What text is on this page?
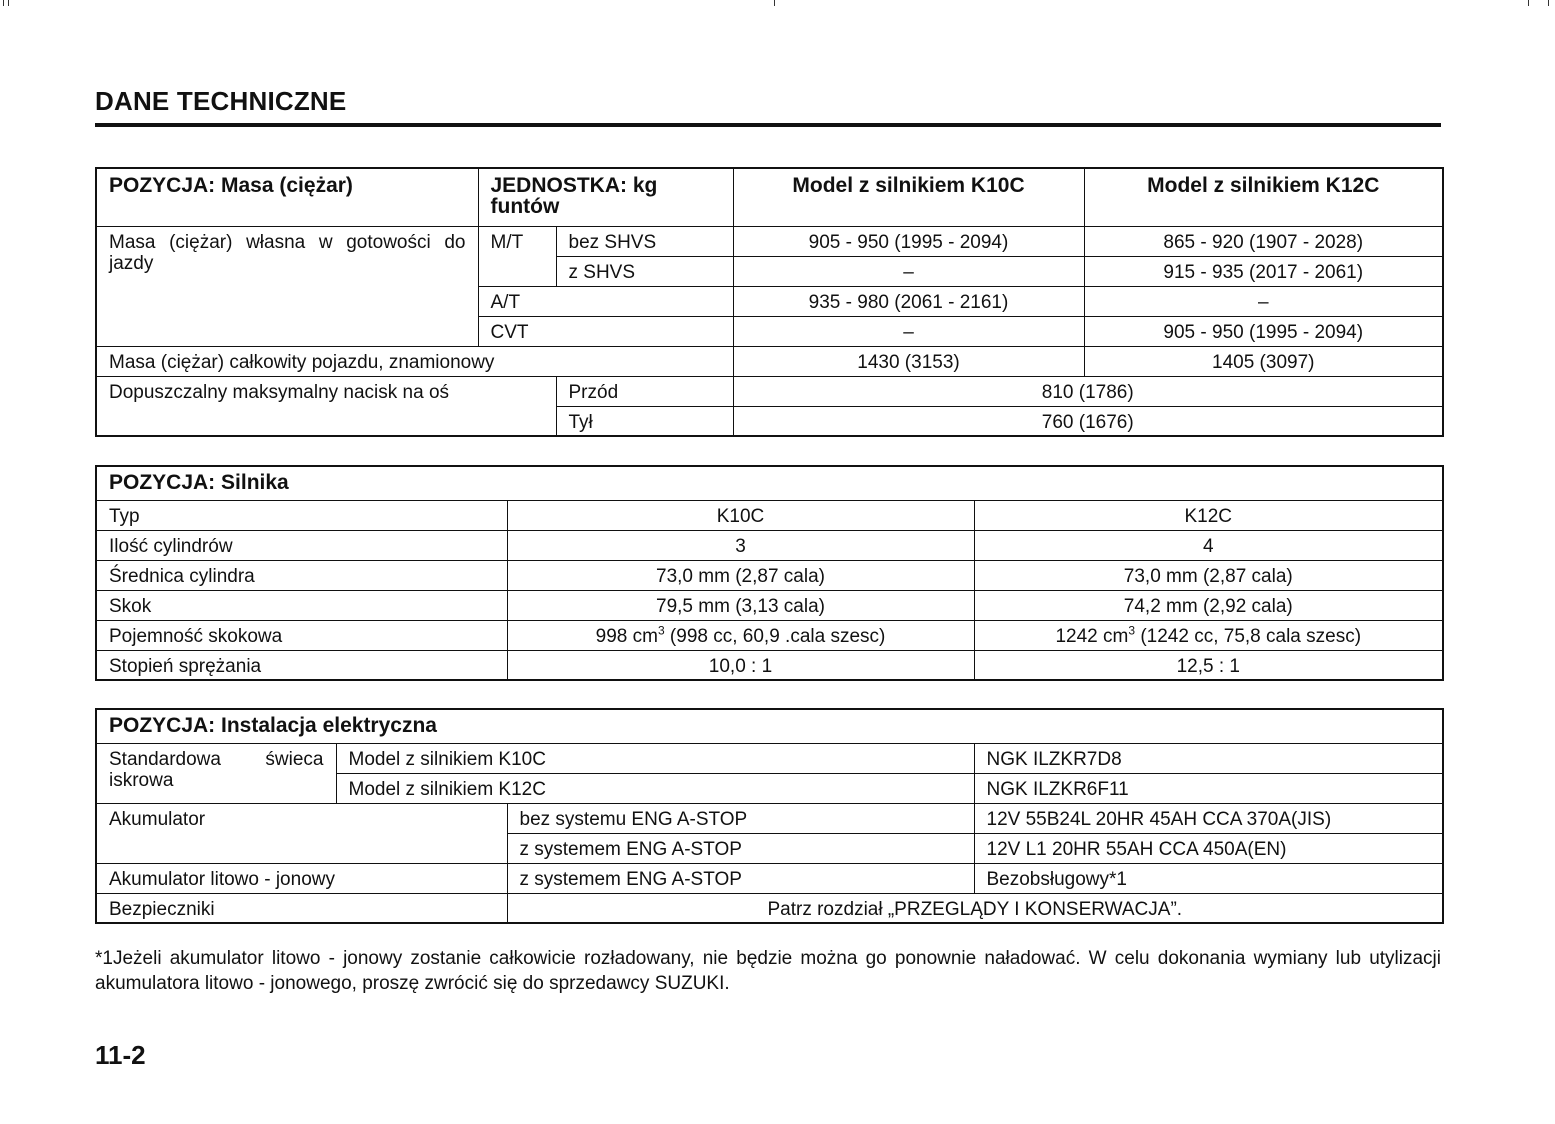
DANE TECHNICZNE
POZYCJA: Masa (ciężar)	JEDNOSTKA: kg funtów		Model z silnikiem K10C	Model z silnikiem K12C
Masa (ciężar) własna w gotowości do jazdy	M/T	bez SHVS	905 - 950 (1995 - 2094)	865 - 920 (1907 - 2028)
		z SHVS	–	915 - 935 (2017 - 2061)
	A/T		935 - 980 (2061 - 2161)	–
	CVT		–	905 - 950 (1995 - 2094)
Masa (ciężar) całkowity pojazdu, znamionowy			1430 (3153)	1405 (3097)
Dopuszczalny maksymalny nacisk na oś		Przód	810 (1786)	
		Tył	760 (1676)	
POZYCJA: Silnika		
Typ	K10C	K12C
Ilość cylindrów	3	4
Średnica cylindra	73,0 mm (2,87 cala)	73,0 mm (2,87 cala)
Skok	79,5 mm (3,13 cala)	74,2 mm (2,92 cala)
Pojemność skokowa	998 $cm^3$ (998 cc, 60,9 .cala szesc)	1242 $cm^3$ (1242 cc, 75,8 cala szesc)
Stopień sprężania	10,0 : 1	12,5 : 1
POZYCJA: Instalacja elektryczna			
Standardowa świeca iskrowa	Model z silnikiem K10C		NGK ILZKR7D8
	Model z silnikiem K12C		NGK ILZKR6F11
Akumulator		bez systemu ENG A-STOP	12V 55B24L 20HR 45AH CCA 370A(JIS)
		z systemem ENG A-STOP	12V L1 20HR 55AH CCA 450A(EN)
Akumulator litowo - jonowy		z systemem ENG A-STOP	Bezobsługowy*1
Bezpieczniki		Patrz rozdział „PRZEGLĄDY I KONSERWACJA”.	
*1Jeżeli akumulator litowo - jonowy zostanie całkowicie rozładowany, nie będzie można go ponownie naładować. W celu dokonania wymiany lub utylizacji akumulatora litowo - jonowego, proszę zwrócić się do sprzedawcy SUZUKI.
11-2
